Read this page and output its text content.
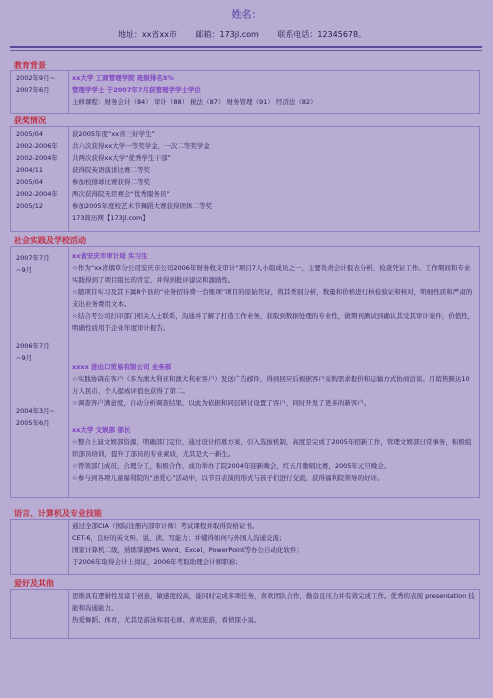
姓名：
地址：xx省xx市 邮箱：173jl.com 联系电话：12345678。
教育背景
2002年9月~
2007年6月
xx大学 工商管理学院 班级排名5%
管理学学士 于2007年7月获管理学学士学位
主修课程：财务会计（84） 审计（88） 税法（87） 财务管理（91） 经济法（82）
获奖情况
2005/04
2002-2006年
2002-2004年
2004/11
2005/04
2002-2004年
2005/12
获2005年度“xx省三好学生”
共六次获得xx大学一等奖学金，一次二等奖学金
共两次获得xx大学“优秀学生干部”
获得院英语演讲比赛二等奖
参加校排球比赛获得二等奖
两次获得院无臣赛会“优秀服务员”
参加2005年度校艺术节舞蹈大赛获得团体二等奖
173简历网【173jl.com】
社会实践及学校活动
2007年7月
~9月
xx省安庆市审计局 实习生
☆作为“xx省烟草分公司安庆市公司2006年财务收支审计”项目7人小组成员之一，主要负责会计报表分析，检查凭证工作。工作期间和专业实践得到了项目组长的肯定，并得到批评建议和激励性。
☆随项目实习及其下属8个县的“业务招待费一台账项”项目的原始凭证，将其类别分析，数量和价格进行核检验证和核对，明细性质和严肃的支出业务费用文本。
☆结合考公司打印部门相关人士联系，沟通并了解了打造工作业务，获取到数据处理的专业性，做期刊测试到确认其受其审计案件，价值性，明确性质用于企业年度审计报告。
2006年7月
~9月
xxxx 进出口贸易有限公司 业务部
☆实践协调在客户（多为澳大利亚和澳大利亚客户）发送广告邮件，得到回应后根据客户采购需求报价和运输方式协商洽谈。月销售额达10万人民币，个人提成评值也获得了第二。
☆调查客户满意度，自动分析调查结果，以此为依据和同层研讨设置了客户，同时开发了更多的新客户。
2004年3月~
2005年6月
xx大学 文娱部 部长
☆整合上届文娱部资源，明确部门定位，通过设计招募方案，引入选拔机制，高度是完成了2005年招新工作，管理文娱部日常事务，积极组织部员培训，提升了部员的专业素质，尤其是大一新生。
☆曾领部门成员，合理分工，积极合作，成功举办了院2004年迎新晚会，红五月歌唱比赛，2005年元旦晚会。
☆参与到各项儿童福利院的“送爱心”活动中，以节目表演的形式与孩子们进行交流，获得福利院领导的好评。
语言、计算机及专业技能
通过全部CIA（国际注册内部审计师）考试课程并取得资格证书。
CET-6，良好的英文听、说、读、写能力；并懂得如何与外国人沟通交流；
国家计算机二级，熟练掌握MS Word、Excel、PowerPoint等办公自动化软件；
于2006年取得会计上岗证，2006年考取助理会计师职称；
爱好及其他
思维具有逻辑性及富于创意，敏感度较高，能同时完成多项任务，喜欢团队合作，勤奋且压力并有效完成工作。优秀的表现 presentation 技能和沟通能力。
热爱舞蹈、体育，尤其是游泳和羽毛球、喜欢旅游，看侦探小说。
